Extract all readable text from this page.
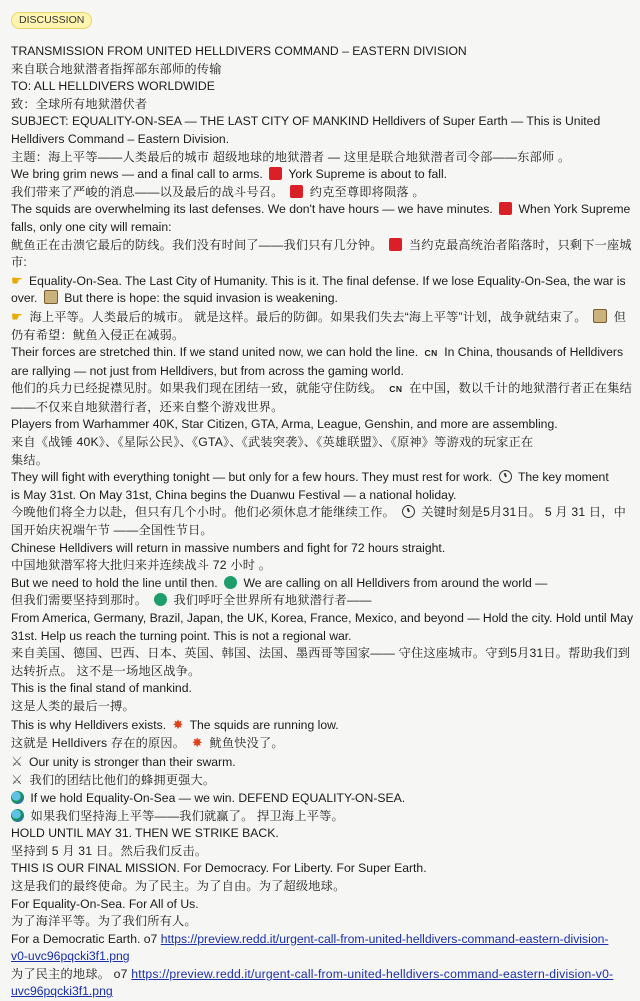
DISCUSSION
TRANSMISSION FROM UNITED HELLDIVERS COMMAND – EASTERN DIVISION
来自联合地狱潜者指挥部东部师的传输
TO: ALL HELLDIVERS WORLDWIDE
致：全球所有地狱潜伏者
SUBJECT: EQUALITY-ON-SEA — THE LAST CITY OF MANKIND Helldivers of Super Earth — This is United
Helldivers Command – Eastern Division.
主题：海上平等——人类最后的城市 超级地球的地狱潜者 — 这里是联合地狱潜者司令部——东部师 。
We bring grim news — and a final call to arms. York Supreme is about to fall.
我们带来了严峻的消息——以及最后的战斗号召。 约克至尊即将陨落 。
The squids are overwhelming its last defenses. We don't have hours — we have minutes. When York Supreme
falls, only one city will remain:
鱿鱼正在击溃它最后的防线。我们没有时间了——我们只有几分钟。 当约克最高统治者陷落时，只剩下一座城
市:
☛ Equality-On-Sea. The Last City of Humanity. This is it. The final defense. If we lose Equality-On-Sea, the war is
over. But there is hope: the squid invasion is weakening.
☛ 海上平等。人类最后的城市。 就是这样。最后的防御。如果我们失去“海上平等”计划，战争就结束了。 但
仍有希望：鱿鱼入侵正在减弱。
Their forces are stretched thin. If we stand united now, we can hold the line. CN In China, thousands of Helldivers
are rallying — not just from Helldivers, but from across the gaming world.
他们的兵力已经捉襟见肘。如果我们现在团结一致，就能守住防线。 CN 在中国，数以千计的地狱潜行者正在集结
——不仅来自地狱潜行者，还来自整个游戏世界。
Players from Warhammer 40K, Star Citizen, GTA, Arma, League, Genshin, and more are assembling.
来自《战锤 40K》、《星际公民》、《GTA》、《武装突袭》、《英雄联盟》、《原神》等游戏的玩家正在
集结。
They will fight with everything tonight — but only for a few hours. They must rest for work. The key moment
is May 31st. On May 31st, China begins the Duanwu Festival — a national holiday.
今晚他们将全力以赴，但只有几个小时。他们必须休息才能继续工作。 关键时刻是5月31日。 5 月 31 日，中
国开始庆祝端午节 ——全国性节日。
Chinese Helldivers will return in massive numbers and fight for 72 hours straight.
中国地狱潜军将大批归来并连续战斗 72 小时 。
But we need to hold the line until then. We are calling on all Helldivers from around the world —
但我们需要坚持到那时。 我们呼吁全世界所有地狱潜行者——
From America, Germany, Brazil, Japan, the UK, Korea, France, Mexico, and beyond — Hold the city. Hold until May
31st. Help us reach the turning point. This is not a regional war.
来自美国、德国、巴西、日本、英国、韩国、法国、墨西哥等国家—— 守住这座城市。守到5月31日。帮助我们到
达转折点。 这不是一场地区战争。
This is the final stand of mankind.
这是人类的最后一搏。
This is why Helldivers exists. ✸ The squids are running low.
这就是 Helldivers 存在的原因。 ✸ 鱿鱼快没了。
⚔ Our unity is stronger than their swarm.
⚔ 我们的团结比他们的蜂拥更强大。
If we hold Equality-On-Sea — we win. DEFEND EQUALITY-ON-SEA.
如果我们坚持海上平等——我们就赢了。 捍卫海上平等。
HOLD UNTIL MAY 31. THEN WE STRIKE BACK.
坚持到 5 月 31 日。然后我们反击。
THIS IS OUR FINAL MISSION. For Democracy. For Liberty. For Super Earth.
这是我们的最终使命。为了民主。为了自由。为了超级地球。
For Equality-On-Sea. For All of Us.
为了海洋平等。为了我们所有人。
For a Democratic Earth. o7 https://preview.redd.it/urgent-call-from-united-helldivers-command-eastern-division-
v0-uvc96pqcki3f1.png
为了民主的地球。 o7 https://preview.redd.it/urgent-call-from-united-helldivers-command-eastern-division-v0-
uvc96pqcki3f1.png
